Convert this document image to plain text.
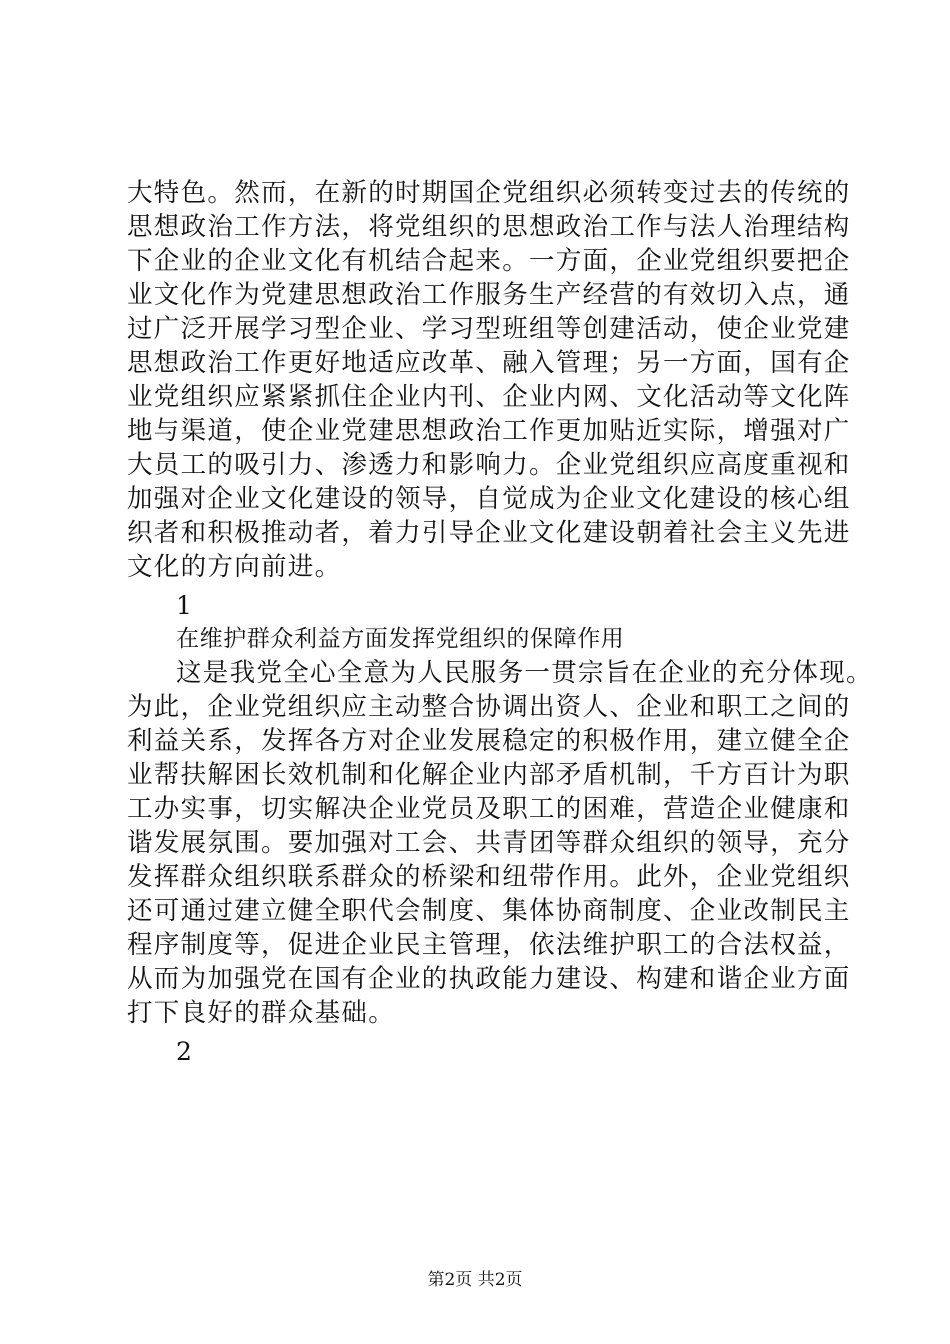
大特色。然而，在新的时期国企党组织必须转变过去的传统的
思想政治工作方法，将党组织的思想政治工作与法人治理结构
下企业的企业文化有机结合起来。一方面，企业党组织要把企
业文化作为党建思想政治工作服务生产经营的有效切入点，通
过广泛开展学习型企业、学习型班组等创建活动，使企业党建
思想政治工作更好地适应改革、融入管理；另一方面，国有企
业党组织应紧紧抓住企业内刊、企业内网、文化活动等文化阵
地与渠道，使企业党建思想政治工作更加贴近实际，增强对广
大员工的吸引力、渗透力和影响力。企业党组织应高度重视和
加强对企业文化建设的领导，自觉成为企业文化建设的核心组
织者和积极推动者，着力引导企业文化建设朝着社会主义先进
文化的方向前进。
1
在维护群众利益方面发挥党组织的保障作用
这是我党全心全意为人民服务一贯宗旨在企业的充分体现。
为此，企业党组织应主动整合协调出资人、企业和职工之间的
利益关系，发挥各方对企业发展稳定的积极作用，建立健全企
业帮扶解困长效机制和化解企业内部矛盾机制，千方百计为职
工办实事，切实解决企业党员及职工的困难，营造企业健康和
谐发展氛围。要加强对工会、共青团等群众组织的领导，充分
发挥群众组织联系群众的桥梁和纽带作用。此外，企业党组织
还可通过建立健全职代会制度、集体协商制度、企业改制民主
程序制度等，促进企业民主管理，依法维护职工的合法权益，
从而为加强党在国有企业的执政能力建设、构建和谐企业方面
打下良好的群众基础。
2
第2页 共2页
